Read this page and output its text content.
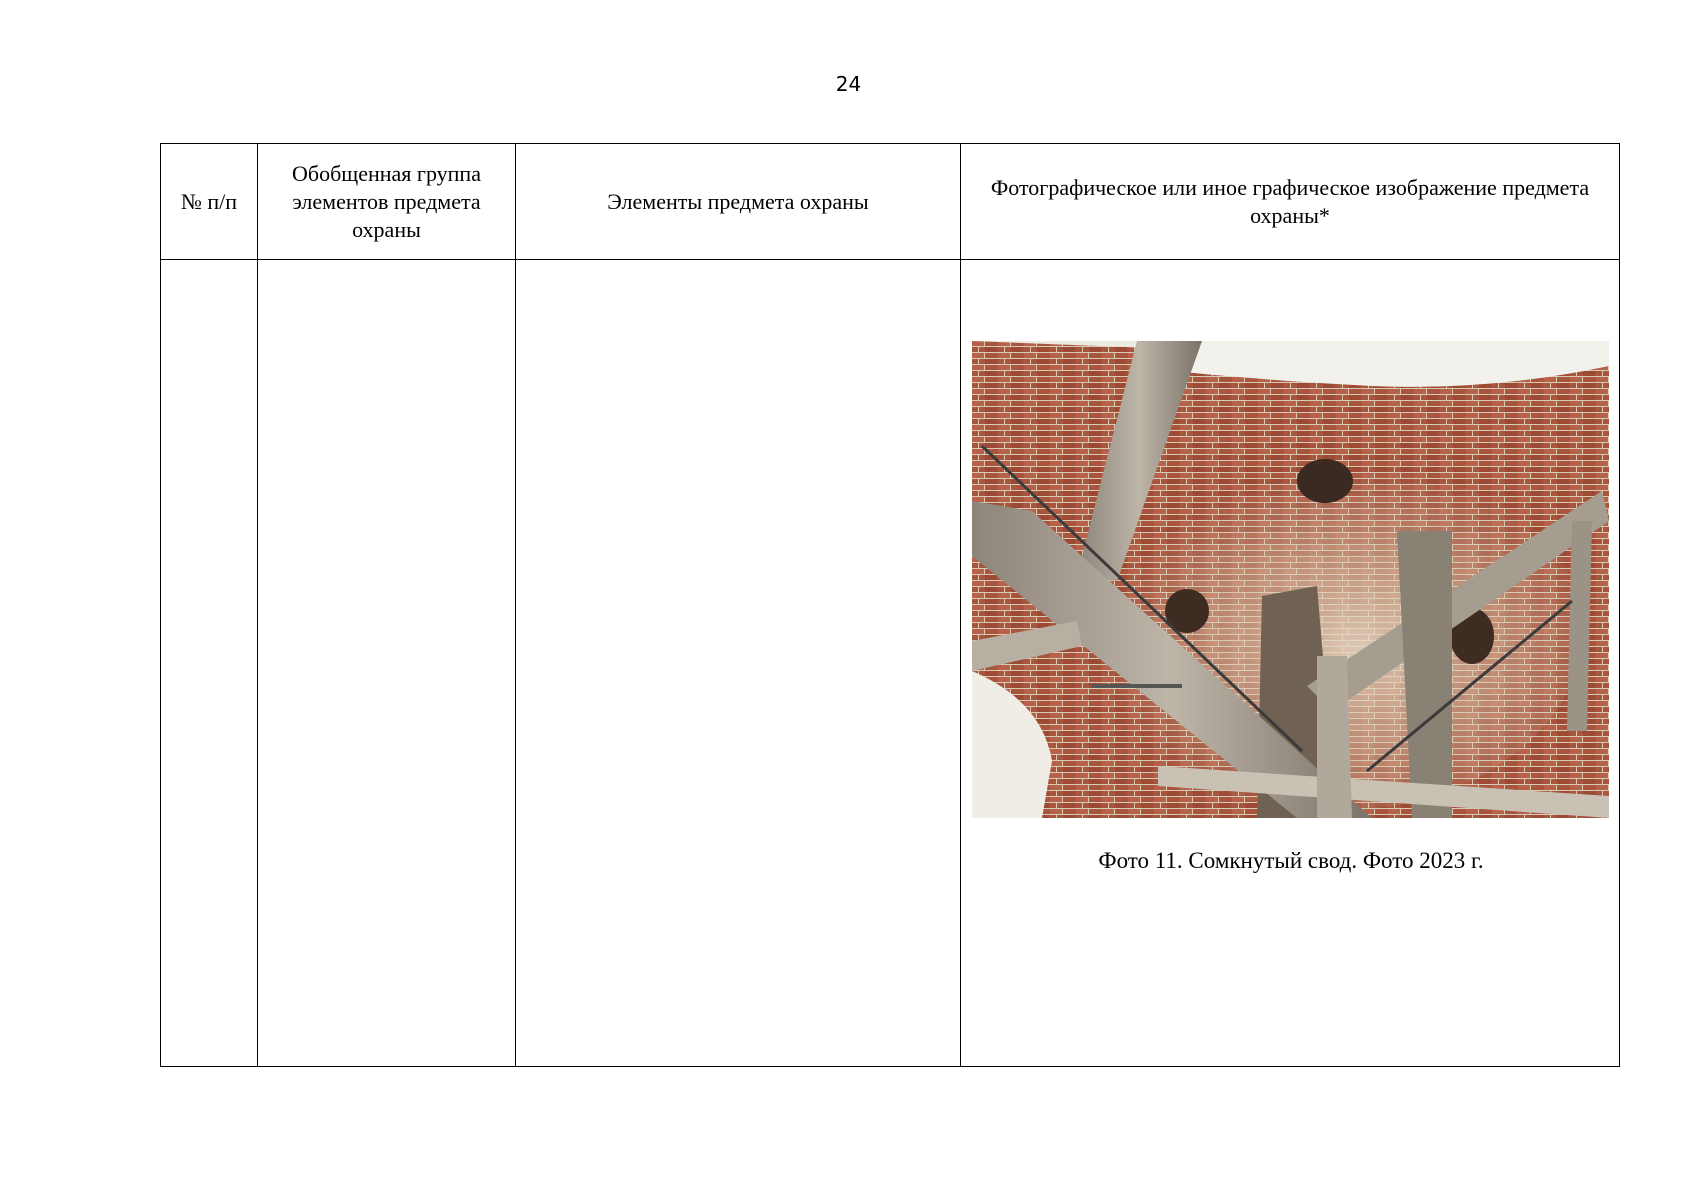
24
№ п/п	Обобщенная группа элементов предмета охраны	Элементы предмета охраны	Фотографическое или иное графическое изображение предмета охраны*

			Фото 11. Сомкнутый свод. Фото 2023 г.
